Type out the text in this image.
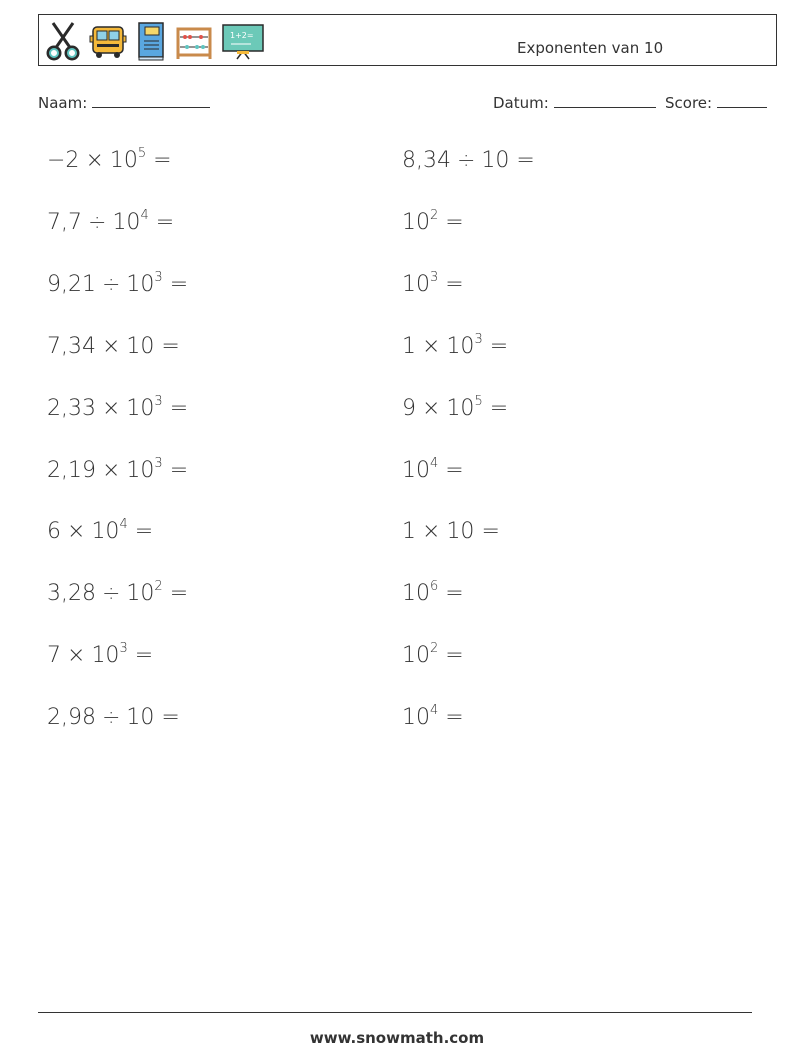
1+2=
Exponenten van 10
Naam:	Datum:	Score:
$-2 \times 10^5$ =	8,34 ÷ 10 =
$7,7 \div 10^4$ =	$10^2$ =
$9,21 \div 10^3$ =	$10^3$ =
7,34 × 10 =	$1 \times 10^3$ =
$2,33 \times 10^3$ =	$9 \times 10^5$ =
$2,19 \times 10^3$ =	$10^4$ =
$6 \times 10^4$ =	1 × 10 =
$3,28 \div 10^2$ =	$10^6$ =
$7 \times 10^3$ =	$10^2$ =
2,98 ÷ 10 =	$10^4$ =
www.snowmath.com
